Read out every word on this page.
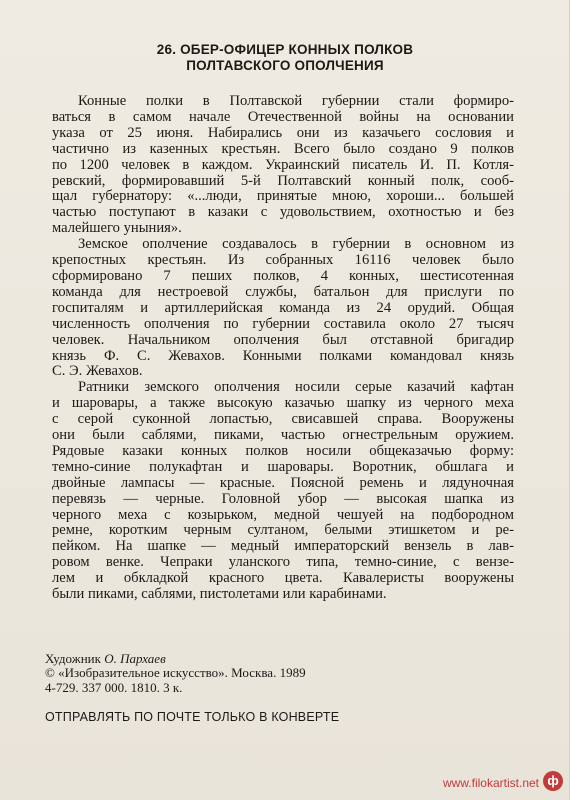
26. ОБЕР-ОФИЦЕР КОННЫХ ПОЛКОВ
ПОЛТАВСКОГО ОПОЛЧЕНИЯ
Конные полки в Полтавской губернии стали формиро-
ваться в самом начале Отечественной войны на основании
указа от 25 июня. Набирались они из казачьего сословия и
частично из казенных крестьян. Всего было создано 9 полков
по 1200 человек в каждом. Украинский писатель И. П. Котля-
ревский, формировавший 5-й Полтавский конный полк, сооб-
щал губернатору: «...люди, принятые мною, хороши... большей
частью поступают в казаки с удовольствием, охотностью и без
малейшего уныния».
Земское ополчение создавалось в губернии в основном из
крепостных крестьян. Из собранных 16116 человек было
сформировано 7 пеших полков, 4 конных, шестисотенная
команда для нестроевой службы, батальон для прислуги по
госпиталям и артиллерийская команда из 24 орудий. Общая
численность ополчения по губернии составила около 27 тысяч
человек. Начальником ополчения был отставной бригадир
князь Ф. С. Жевахов. Конными полками командовал князь
С. Э. Жевахов.
Ратники земского ополчения носили серые казачий кафтан
и шаровары, а также высокую казачью шапку из черного меха
с серой суконной лопастью, свисавшей справа. Вооружены
они были саблями, пиками, частью огнестрельным оружием.
Рядовые казаки конных полков носили общеказачью форму:
темно-синие полукафтан и шаровары. Воротник, обшлага и
двойные лампасы — красные. Поясной ремень и лядуночная
перевязь — черные. Головной убор — высокая шапка из
черного меха с козырьком, медной чешуей на подбородном
ремне, коротким черным султаном, белыми этишкетом и ре-
пейком. На шапке — медный императорский вензель в лав-
ровом венке. Чепраки уланского типа, темно-синие, с вензе-
лем и обкладкой красного цвета. Кавалеристы вооружены
были пиками, саблями, пистолетами или карабинами.
Художник О. Пархаев
© «Изобразительное искусство». Москва. 1989
4-729. 337 000. 1810. 3 к.
ОТПРАВЛЯТЬ ПО ПОЧТЕ ТОЛЬКО В КОНВЕРТЕ
www.filokartist.net ф
